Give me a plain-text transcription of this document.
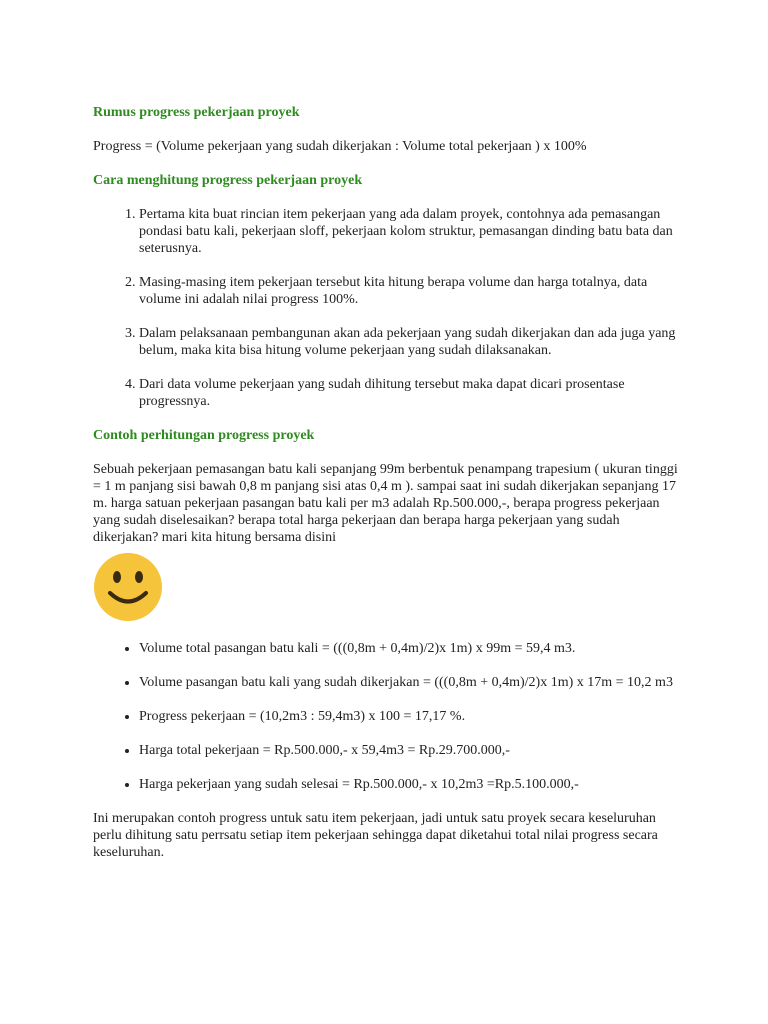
Rumus progress pekerjaan proyek

Progress = (Volume pekerjaan yang sudah dikerjakan : Volume total pekerjaan ) x 100%

Cara menghitung progress pekerjaan proyek
1. Pertama kita buat rincian item pekerjaan yang ada dalam proyek, contohnya ada pemasangan pondasi batu kali, pekerjaan sloff, pekerjaan kolom struktur, pemasangan dinding batu bata dan seterusnya.
2. Masing-masing item pekerjaan tersebut kita hitung berapa volume dan harga totalnya, data volume ini adalah nilai progress 100%.
3. Dalam pelaksanaan pembangunan akan ada pekerjaan yang sudah dikerjakan dan ada juga yang belum, maka kita bisa hitung volume pekerjaan yang sudah dilaksanakan.
4. Dari data volume pekerjaan yang sudah dihitung tersebut maka dapat dicari prosentase progressnya.
Contoh perhitungan progress proyek

Sebuah pekerjaan pemasangan batu kali sepanjang 99m berbentuk penampang trapesium ( ukuran tinggi = 1 m panjang sisi bawah 0,8 m panjang sisi atas 0,4 m ). sampai saat ini sudah dikerjakan sepanjang 17 m. harga satuan pekerjaan pasangan batu kali per m3 adalah Rp.500.000,-, berapa progress pekerjaan yang sudah diselesaikan? berapa total harga pekerjaan dan berapa harga pekerjaan yang sudah dikerjakan? mari kita hitung bersama disini

• Volume total pasangan batu kali = (((0,8m + 0,4m)/2)x 1m) x 99m = 59,4 m3.
• Volume pasangan batu kali yang sudah dikerjakan = (((0,8m + 0,4m)/2)x 1m) x 17m = 10,2 m3
• Progress pekerjaan = (10,2m3 : 59,4m3) x 100 = 17,17 %.
• Harga total pekerjaan = Rp.500.000,- x 59,4m3 = Rp.29.700.000,-
• Harga pekerjaan yang sudah selesai = Rp.500.000,- x 10,2m3 =Rp.5.100.000,-

Ini merupakan contoh progress untuk satu item pekerjaan, jadi untuk satu proyek secara keseluruhan perlu dihitung satu perrsatu setiap item pekerjaan sehingga dapat diketahui total nilai progress secara keseluruhan.
